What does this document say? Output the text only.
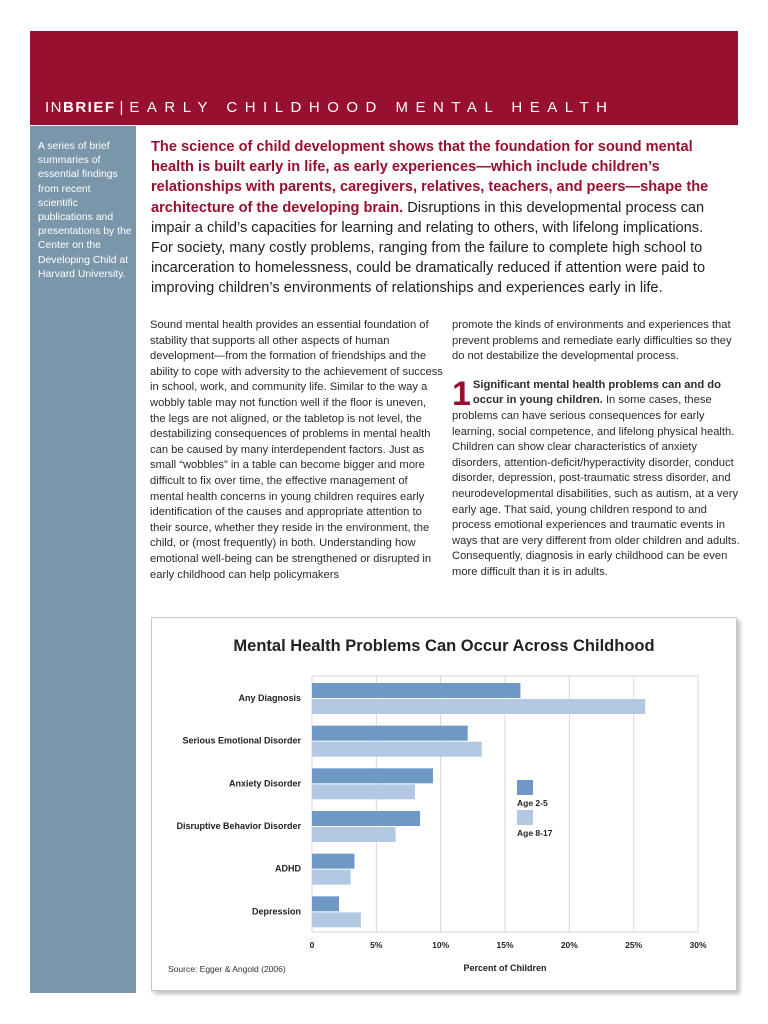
INBRIEF | EARLY CHILDHOOD MENTAL HEALTH
A series of brief summaries of essential findings from recent scientific publications and presentations by the Center on the Developing Child at Harvard University.
The science of child development shows that the foundation for sound mental health is built early in life, as early experiences—which include children’s relationships with parents, caregivers, relatives, teachers, and peers—shape the architecture of the developing brain. Disruptions in this developmental process can impair a child’s capacities for learning and relating to others, with lifelong implications. For society, many costly problems, ranging from the failure to complete high school to incarceration to homelessness, could be dramatically reduced if attention were paid to improving children’s environments of relationships and experiences early in life.
Sound mental health provides an essential foundation of stability that supports all other aspects of human development—from the formation of friendships and the ability to cope with adversity to the achievement of success in school, work, and community life. Similar to the way a wobbly table may not function well if the floor is uneven, the legs are not aligned, or the tabletop is not level, the destabilizing consequences of problems in mental health can be caused by many interdependent factors. Just as small “wobbles” in a table can become bigger and more difficult to fix over time, the effective management of mental health concerns in young children requires early identification of the causes and appropriate attention to their source, whether they reside in the environment, the child, or (most frequently) in both. Understanding how emotional well-being can be strengthened or disrupted in early childhood can help policymakers
promote the kinds of environments and experiences that prevent problems and remediate early difficulties so they do not destabilize the developmental process.
1 Significant mental health problems can and do occur in young children. In some cases, these problems can have serious consequences for early learning, social competence, and lifelong physical health. Children can show clear characteristics of anxiety disorders, attention-deficit/hyperactivity disorder, conduct disorder, depression, post-traumatic stress disorder, and neurodevelopmental disabilities, such as autism, at a very early age. That said, young children respond to and process emotional experiences and traumatic events in ways that are very different from older children and adults. Consequently, diagnosis in early childhood can be even more difficult than it is in adults.
Mental Health Problems Can Occur Across Childhood
Any Diagnosis
Serious Emotional Disorder
Anxiety Disorder
Disruptive Behavior Disorder
ADHD
Depression
0	5%	10%	15%	20%	25%	30%
Age 2-5
Age 8-17
Percent of Children
Source: Egger & Angold (2006)
